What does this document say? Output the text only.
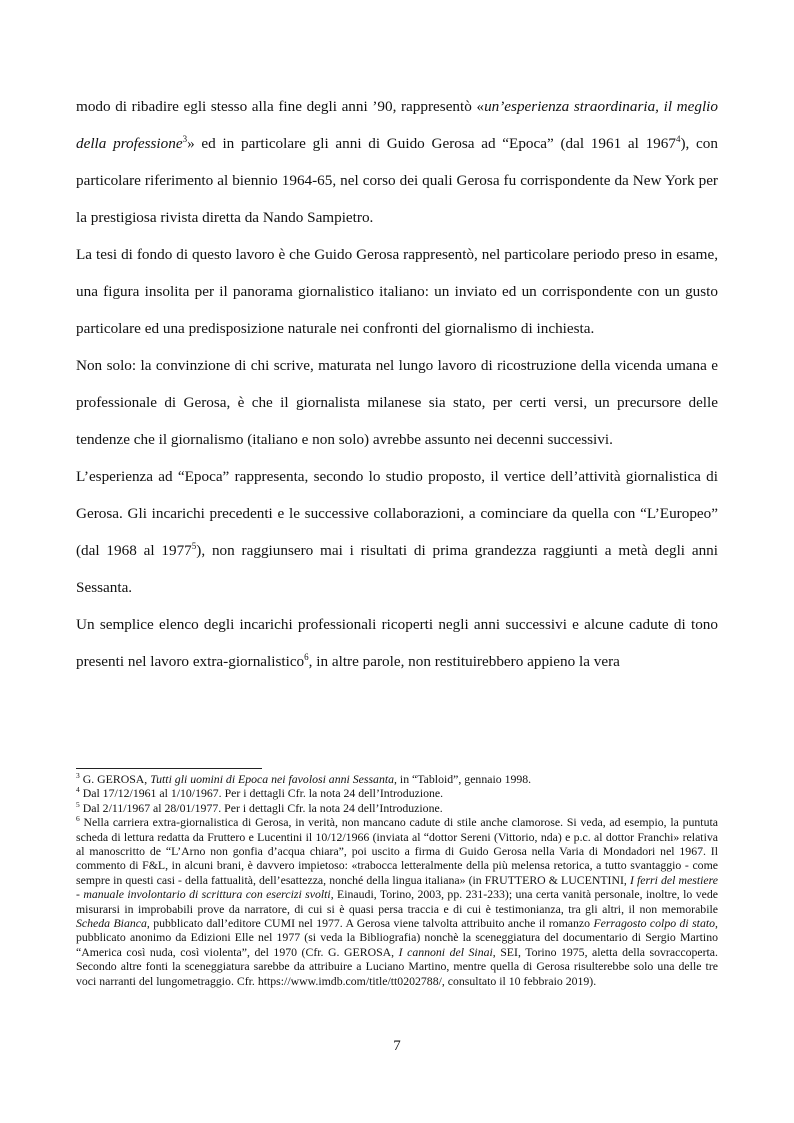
modo di ribadire egli stesso alla fine degli anni ’90, rappresentò «un’esperienza straordinaria, il meglio della professione$^3$» ed in particolare gli anni di Guido Gerosa ad “Epoca” (dal 1961 al 1967$^4$), con particolare riferimento al biennio 1964-65, nel corso dei quali Gerosa fu corrispondente da New York per la prestigiosa rivista diretta da Nando Sampietro.

La tesi di fondo di questo lavoro è che Guido Gerosa rappresentò, nel particolare periodo preso in esame, una figura insolita per il panorama giornalistico italiano: un inviato ed un corrispondente con un gusto particolare ed una predisposizione naturale nei confronti del giornalismo di inchiesta.

Non solo: la convinzione di chi scrive, maturata nel lungo lavoro di ricostruzione della vicenda umana e professionale di Gerosa, è che il giornalista milanese sia stato, per certi versi, un precursore delle tendenze che il giornalismo (italiano e non solo) avrebbe assunto nei decenni successivi.

L’esperienza ad “Epoca” rappresenta, secondo lo studio proposto, il vertice dell’attività giornalistica di Gerosa. Gli incarichi precedenti e le successive collaborazioni, a cominciare da quella con “L’Europeo” (dal 1968 al 1977$^5$), non raggiunsero mai i risultati di prima grandezza raggiunti a metà degli anni Sessanta.

Un semplice elenco degli incarichi professionali ricoperti negli anni successivi e alcune cadute di tono presenti nel lavoro extra-giornalistico$^6$, in altre parole, non restituirebbero appieno la vera

$^3$ G. GEROSA, Tutti gli uomini di Epoca nei favolosi anni Sessanta, in “Tabloid”, gennaio 1998.

$^4$ Dal 17/12/1961 al 1/10/1967. Per i dettagli Cfr. la nota 24 dell’Introduzione.

$^5$ Dal 2/11/1967 al 28/01/1977. Per i dettagli Cfr. la nota 24 dell’Introduzione.

$^6$ Nella carriera extra-giornalistica di Gerosa, in verità, non mancano cadute di stile anche clamorose. Si veda, ad esempio, la puntuta scheda di lettura redatta da Fruttero e Lucentini il 10/12/1966 (inviata al “dottor Sereni (Vittorio, nda) e p.c. al dottor Franchi» relativa al manoscritto de “L’Arno non gonfia d’acqua chiara”, poi uscito a firma di Guido Gerosa nella Varia di Mondadori nel 1967. Il commento di F&L, in alcuni brani, è davvero impietoso: «trabocca letteralmente della più melensa retorica, a tutto svantaggio - come sempre in questi casi - della fattualità, dell’esattezza, nonché della lingua italiana» (in FRUTTERO & LUCENTINI, I ferri del mestiere - manuale involontario di scrittura con esercizi svolti, Einaudi, Torino, 2003, pp. 231-233); una certa vanità personale, inoltre, lo vede misurarsi in improbabili prove da narratore, di cui si è quasi persa traccia e di cui è testimonianza, tra gli altri, il non memorabile Scheda Bianca, pubblicato dall’editore CUMI nel 1977. A Gerosa viene talvolta attribuito anche il romanzo Ferragosto colpo di stato, pubblicato anonimo da Edizioni Elle nel 1977 (si veda la Bibliografia) nonchè la sceneggiatura del documentario di Sergio Martino “America così nuda, così violenta”, del 1970 (Cfr. G. GEROSA, I cannoni del Sinai, SEI, Torino 1975, aletta della sovraccoperta. Secondo altre fonti la sceneggiatura sarebbe da attribuire a Luciano Martino, mentre quella di Gerosa risulterebbe solo una delle tre voci narranti del lungometraggio. Cfr. https://www.imdb.com/title/tt0202788/, consultato il 10 febbraio 2019).

7
